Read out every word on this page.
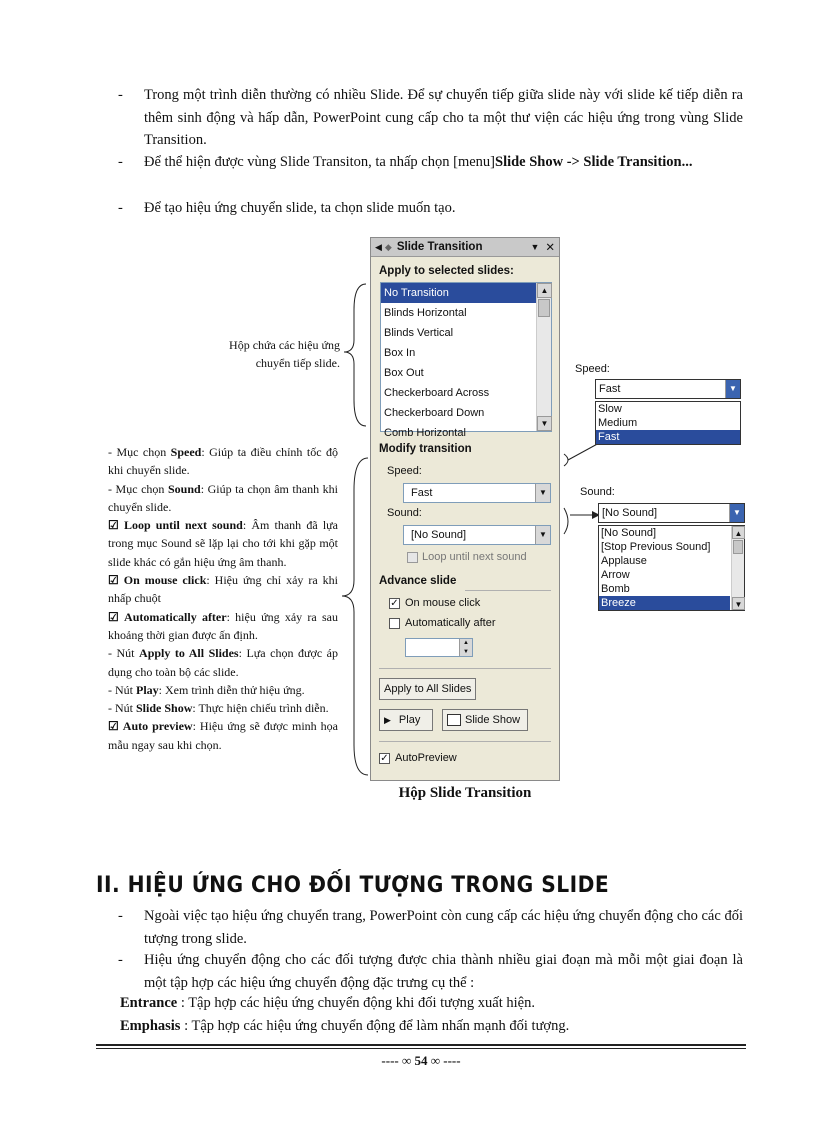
- Trong một trình diễn thường có nhiều Slide. Để sự chuyển tiếp giữa slide này với slide kế tiếp diễn ra thêm sinh động và hấp dẫn, PowerPoint cung cấp cho ta một thư viện các hiệu ứng trong vùng Slide Transition.
- Để thể hiện được vùng Slide Transiton, ta nhấp chọn [menu]Slide Show -> Slide Transition...
- Để tạo hiệu ứng chuyển slide, ta chọn slide muốn tạo.
Hộp chứa các hiệu ứng chuyển tiếp slide.

- Mục chọn Speed: Giúp ta điều chỉnh tốc độ khi chuyển slide.

- Mục chọn Sound: Giúp ta chọn âm thanh khi chuyển slide.

☑ Loop until next sound: Âm thanh đã lựa trong mục Sound sẽ lặp lại cho tới khi gặp một slide khác có gắn hiệu ứng âm thanh.

☑ On mouse click: Hiệu ứng chỉ xảy ra khi nhấp chuột

☑ Automatically after: hiệu ứng xảy ra sau khoảng thời gian được ấn định.

- Nút Apply to All Slides: Lựa chọn được áp dụng cho toàn bộ các slide.

- Nút Play: Xem trình diễn thử hiệu ứng.

- Nút Slide Show: Thực hiện chiếu trình diễn.

☑ Auto preview: Hiệu ứng sẽ được minh họa mẫu ngay sau khi chọn.

◀ ◆ Slide Transition	▼ ✕
Apply to selected slides:
No Transition
Blinds Horizontal
Blinds Vertical
Box In
Box Out
Checkerboard Across
Checkerboard Down
Comb Horizontal
▲
▼
Modify transition
Speed:
Fast	▼
Sound:
[No Sound]	▼
Loop until next sound
Advance slide
✓ On mouse click
Automatically after
▲
▼
Apply to All Slides
▶ Play	Slide Show
✓ AutoPreview
Hộp Slide Transition
Speed:
Fast	▼
Slow
Medium
Fast
Sound:
[No Sound]	▼
[No Sound]
[Stop Previous Sound]
Applause
Arrow
Bomb
Breeze
▲
▼
II. HIỆU ỨNG CHO ĐỐI TƯỢNG TRONG SLIDE
- Ngoài việc tạo hiệu ứng chuyển trang, PowerPoint còn cung cấp các hiệu ứng chuyển động cho các đối tượng trong slide.
- Hiệu ứng chuyển động cho các đối tượng được chia thành nhiều giai đoạn mà mỗi một giai đoạn là một tập hợp các hiệu ứng chuyển động đặc trưng cụ thể :
Entrance : Tập hợp các hiệu ứng chuyển động khi đối tượng xuất hiện.
Emphasis : Tập hợp các hiệu ứng chuyển động để làm nhấn mạnh đối tượng.
---- ∞ 54 ∞ ----
